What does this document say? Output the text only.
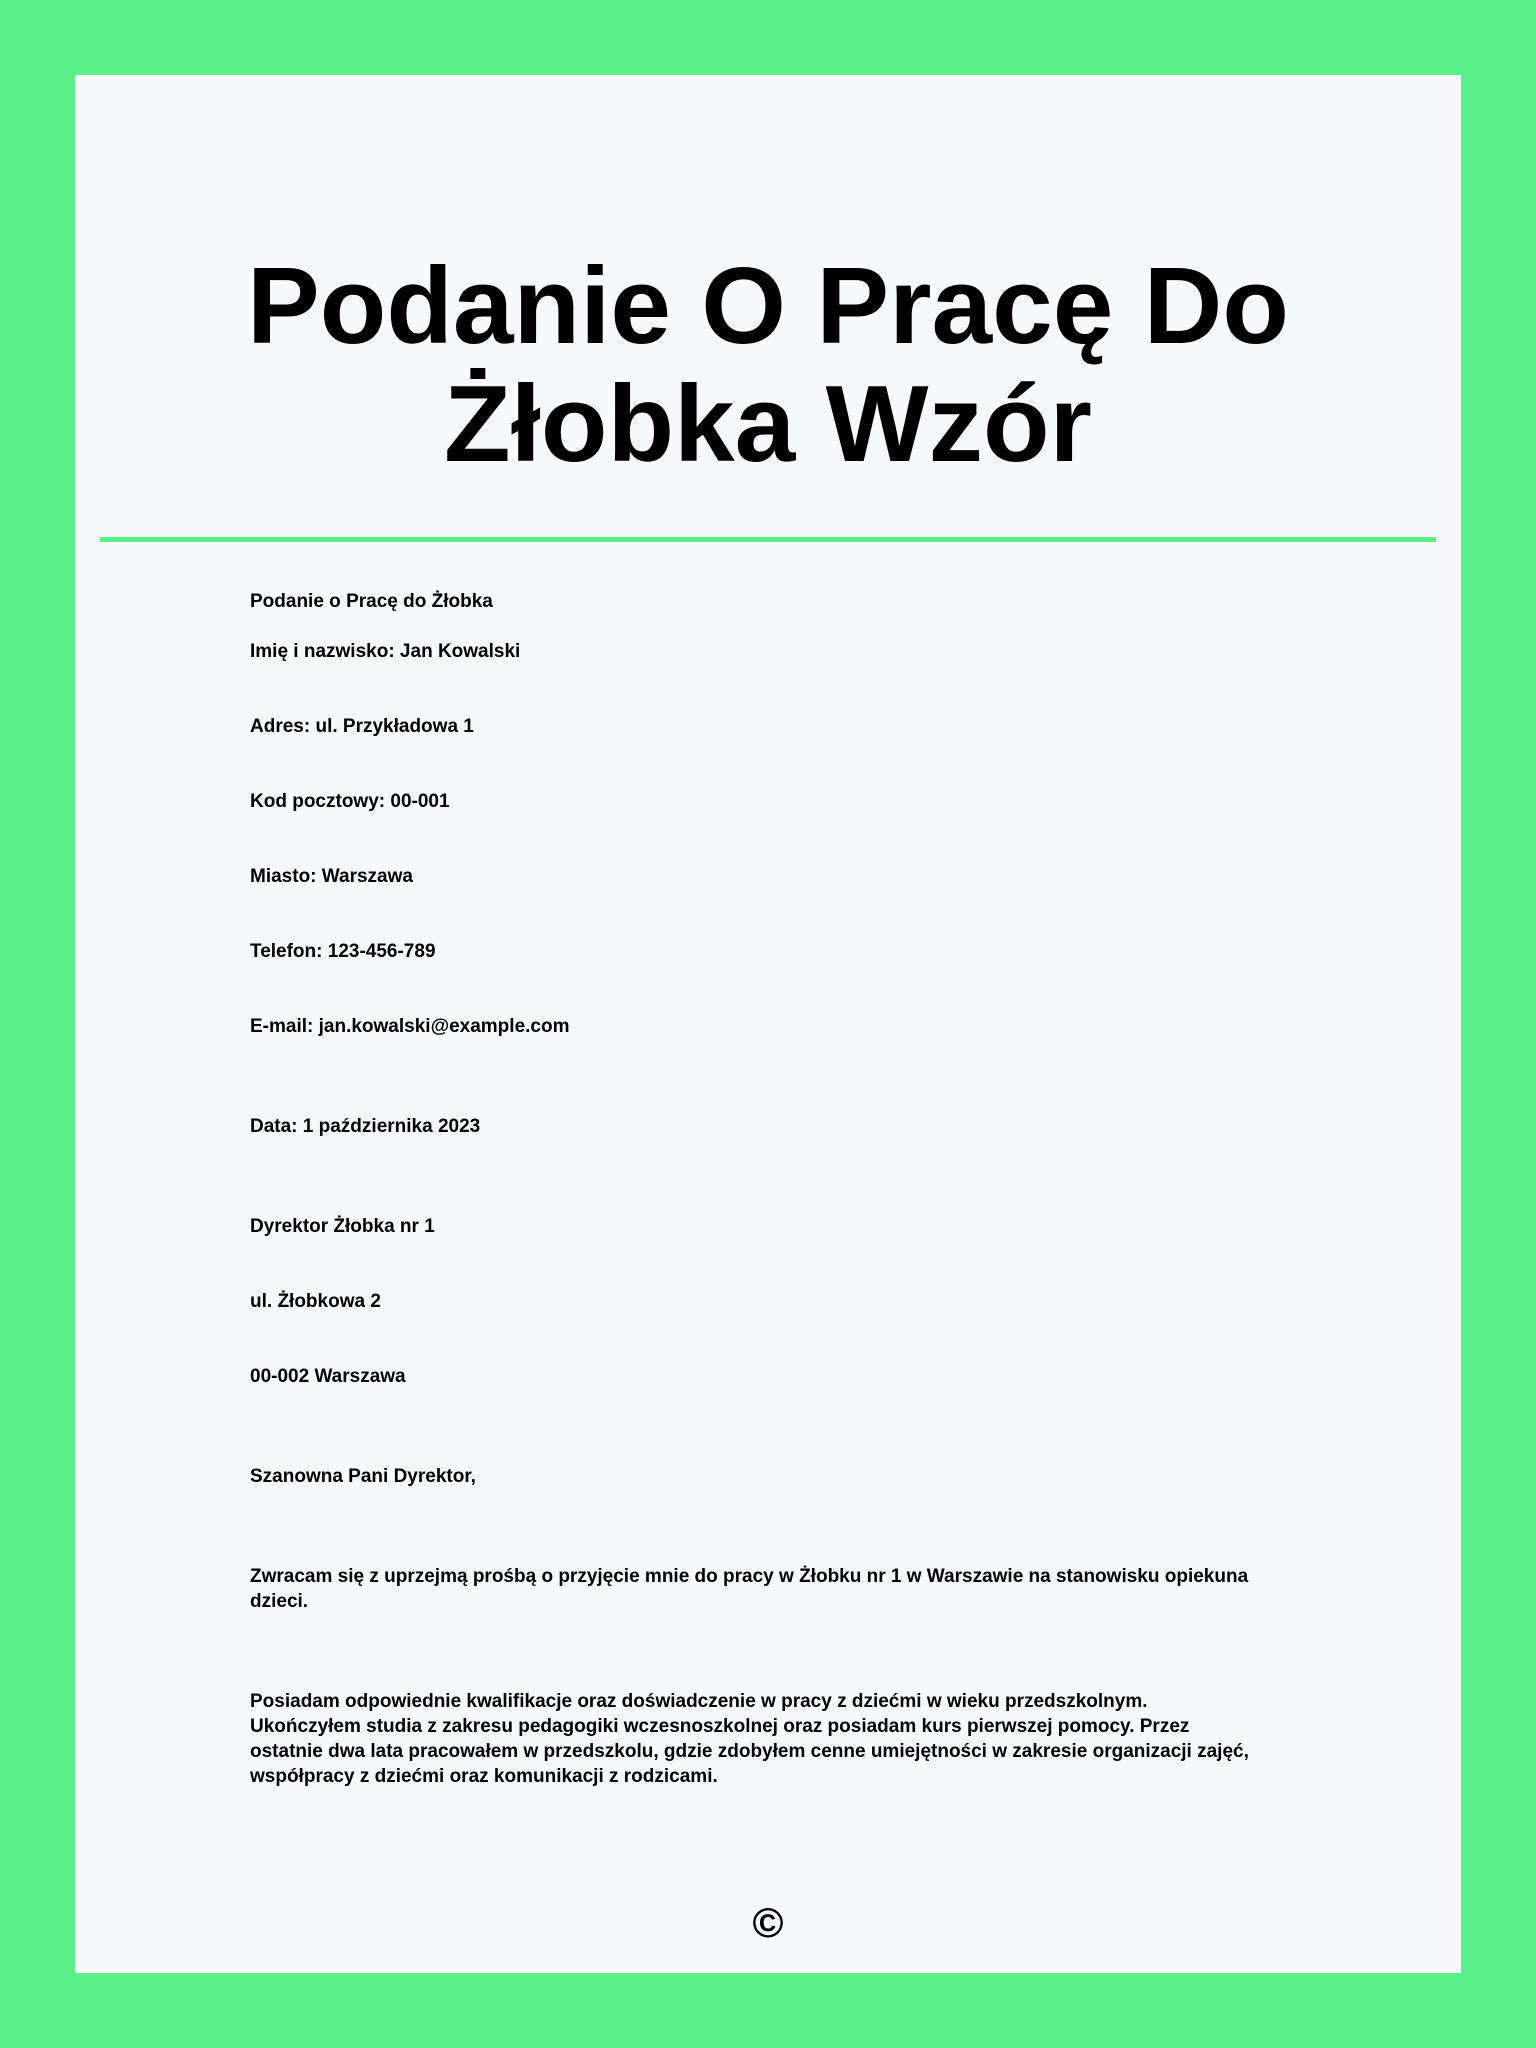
Podanie O Pracę Do Żłobka Wzór

Podanie o Pracę do Żłobka

Imię i nazwisko: Jan Kowalski

Adres: ul. Przykładowa 1

Kod pocztowy: 00-001

Miasto: Warszawa

Telefon: 123-456-789

E-mail: jan.kowalski@example.com

Data: 1 października 2023

Dyrektor Żłobka nr 1

ul. Żłobkowa 2

00-002 Warszawa

Szanowna Pani Dyrektor,

Zwracam się z uprzejmą prośbą o przyjęcie mnie do pracy w Żłobku nr 1 w Warszawie na stanowisku opiekuna dzieci.

Posiadam odpowiednie kwalifikacje oraz doświadczenie w pracy z dziećmi w wieku przedszkolnym. Ukończyłem studia z zakresu pedagogiki wczesnoszkolnej oraz posiadam kurs pierwszej pomocy. Przez ostatnie dwa lata pracowałem w przedszkolu, gdzie zdobyłem cenne umiejętności w zakresie organizacji zajęć, współpracy z dziećmi oraz komunikacji z rodzicami.

©
